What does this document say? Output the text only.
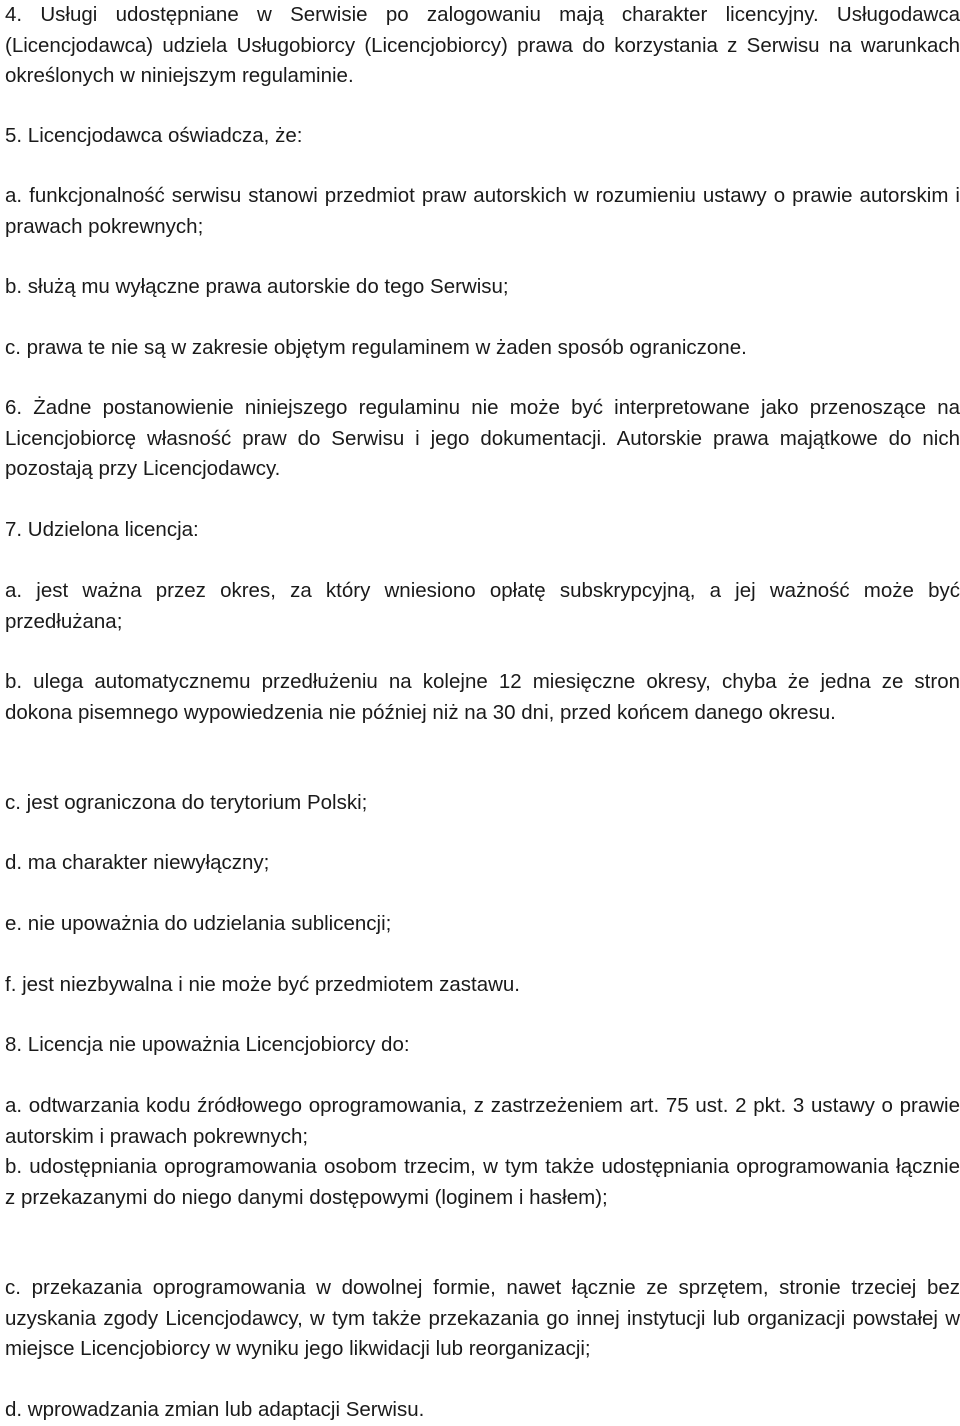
4. Usługi udostępniane w Serwisie po zalogowaniu mają charakter licencyjny. Usługodawca (Licencjodawca) udziela Usługobiorcy (Licencjobiorcy) prawa do korzystania z Serwisu na warunkach określonych w niniejszym regulaminie.

5. Licencjodawca oświadcza, że:

a. funkcjonalność serwisu stanowi przedmiot praw autorskich w rozumieniu ustawy o prawie autorskim i prawach pokrewnych;

b. służą mu wyłączne prawa autorskie do tego Serwisu;

c. prawa te nie są w zakresie objętym regulaminem w żaden sposób ograniczone.

6. Żadne postanowienie niniejszego regulaminu nie może być interpretowane jako przenoszące na Licencjobiorcę własność praw do Serwisu i jego dokumentacji. Autorskie prawa majątkowe do nich pozostają przy Licencjodawcy.

7. Udzielona licencja:

a. jest ważna przez okres, za który wniesiono opłatę subskrypcyjną, a jej ważność może być przedłużana;

b. ulega automatycznemu przedłużeniu na kolejne 12 miesięczne okresy, chyba że jedna ze stron dokona pisemnego wypowiedzenia nie później niż na 30 dni, przed końcem danego okresu.

c. jest ograniczona do terytorium Polski;

d. ma charakter niewyłączny;

e. nie upoważnia do udzielania sublicencji;

f. jest niezbywalna i nie może być przedmiotem zastawu.

8. Licencja nie upoważnia Licencjobiorcy do:

a. odtwarzania kodu źródłowego oprogramowania, z zastrzeżeniem art. 75 ust. 2 pkt. 3 ustawy o prawie autorskim i prawach pokrewnych;

b. udostępniania oprogramowania osobom trzecim, w tym także udostępniania oprogramowania łącznie z przekazanymi do niego danymi dostępowymi (loginem i hasłem);

c. przekazania oprogramowania w dowolnej formie, nawet łącznie ze sprzętem, stronie trzeciej bez uzyskania zgody Licencjodawcy, w tym także przekazania go innej instytucji lub organizacji powstałej w miejsce Licencjobiorcy w wyniku jego likwidacji lub reorganizacji;

d. wprowadzania zmian lub adaptacji Serwisu.
